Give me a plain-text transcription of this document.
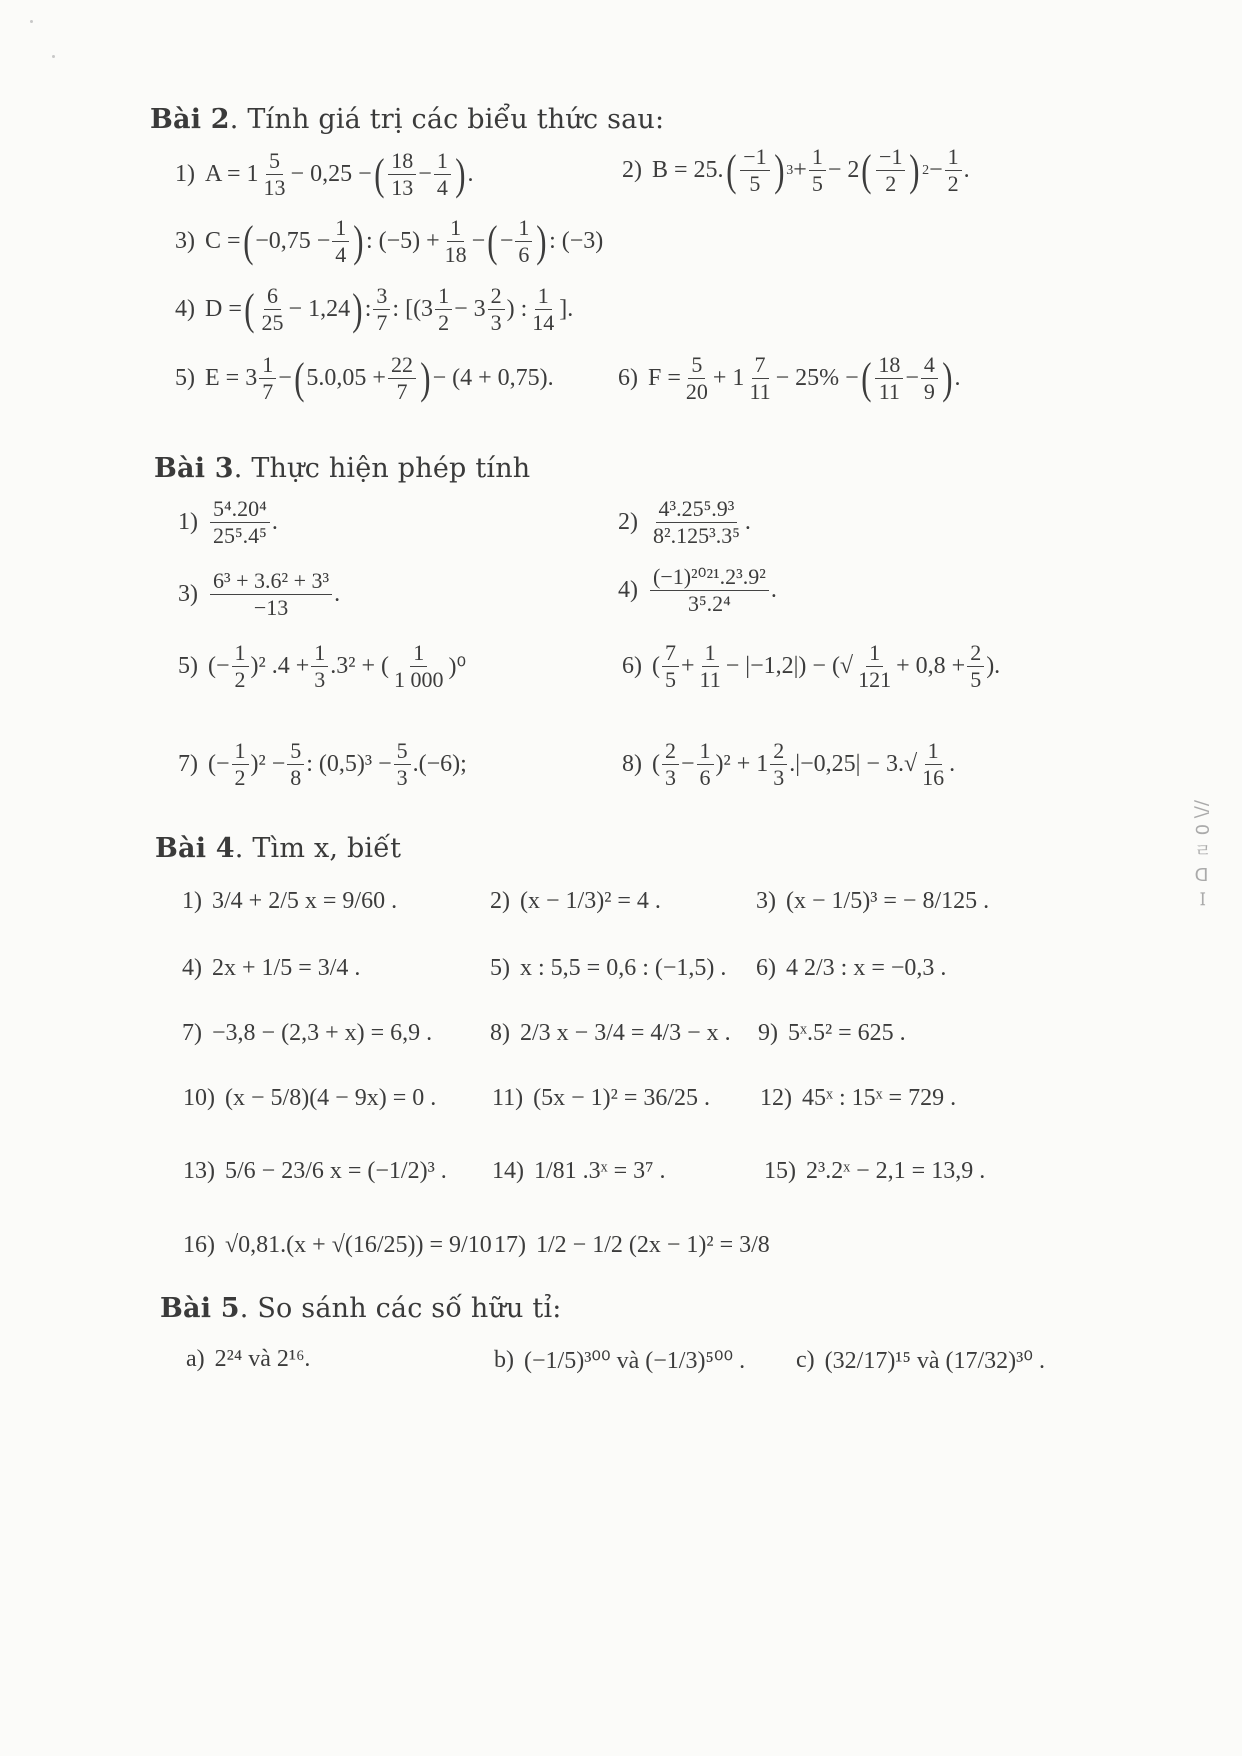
Bài 2. Tính giá trị các biểu thức sau:
1) $A = 1 \frac{5}{13} - 0,25$ − ( $\frac{18}{13} - \frac{1}{4}$ ) .	2) B = 25. ( $\frac{-1}{5}$ ) $3 + \frac{1}{5} - 2$ ( $\frac{-1}{2}$ ) $2 - \frac{1}{2}$ .
3) C = ( $-0,75 - \frac{1}{4}$ ) : $(-5) + \frac{1}{18}$ − ( − $\frac{1}{6}$ ) : (−3)
4) D = ( $\frac{6}{25} - 1,24$ ) : $\frac{3}{7}$ : [($3 \frac{1}{2} - 3 \frac{2}{3}$ ) : $\frac{1}{14}$ ].
5) $E = 3 \frac{1}{7}$ − ( $5.0,05 + \frac{22}{7}$ ) − (4 + 0,75).	6) $F = \frac{5}{20} + 1 \frac{7}{11} - 25\%$ − ( $\frac{18}{11} - \frac{4}{9}$ ) .
Bài 3. Thực hiện phép tính
$1) \frac{\text{5⁴.20⁴}}{\text{25⁵.4⁵}}$ .	$2) \frac{\text{4³.25⁵.9³}}{\text{8².125³.3⁵}}$ .
$3) \frac{\text{6³ + 3.6² + 3³}}{-13}$ .	$4) \frac{\text{(−1)²⁰²¹.2³.9²}}{\text{3⁵.2⁴}}$ .
5) (− $\frac{1}{2} )^2$ $.4 + \frac{1}{3} .3^2$ + ( $\frac{1}{1 000} )^0$	6) ( $\frac{7}{5} + \frac{1}{11} - |-1,2|$) − (√ $\frac{1}{121} + 0,8 + \frac{2}{5}$ ).
7) (− $\frac{1}{2} )^2 - \frac{5}{8}$ : $(0,5)^3 - \frac{5}{3} .(-6)$;	8) ( $\frac{2}{3} - \frac{1}{6} )^2 + 1 \frac{2}{3} .|-0,25| - 3.√ \frac{1}{16}$ .
Bài 4. Tìm x, biết
1) 3/4 + 2/5 x = 9/60 .	2) (x − 1/3)² = 4 .	3) (x − 1/5)³ = − 8/125 .
4) 2x + 1/5 = 3/4 .	5) x : 5,5 = 0,6 : (−1,5) . 6) 4 2/3 : x = −0,3 .
7) −3,8 − (2,3 + x) = 6,9 . 8) 2/3 x − 3/4 = 4/3 − x . 9) 5ˣ.5² = 625 .
10) (x − 5/8)(4 − 9x) = 0 . 11) (5x − 1)² = 36/25 . 12) 45ˣ : 15ˣ = 729 .
13) 5/6 − 23/6 x = (−1/2)³ . 14) 1/81 .3ˣ = 3⁷ .	15) 2³.2ˣ − 2,1 = 13,9 .
16) √0,81.(x + √(16/25)) = 9/10 17) 1/2 − 1/2 (2x − 1)² = 3/8
Bài 5. So sánh các số hữu tỉ:
a) 2²⁴ và 2¹⁶.	b) (−1/5)³⁰⁰ và (−1/3)⁵⁰⁰ . c) (32/17)¹⁵ và (17/32)³⁰ .
//\ 0 ㄹ ᗡ ꟷ
